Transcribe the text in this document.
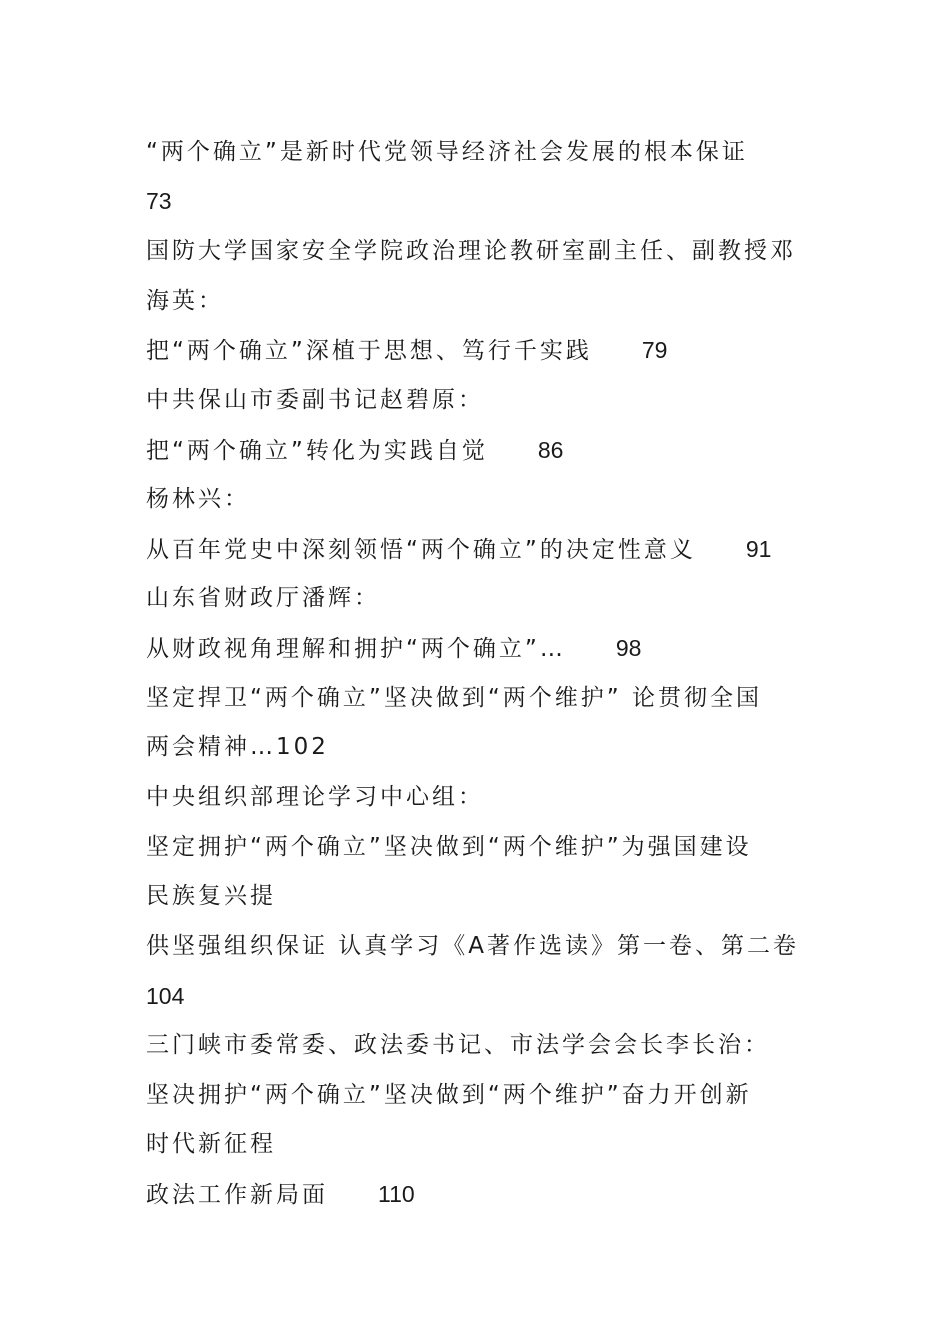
“两个确立”是新时代党领导经济社会发展的根本保证
73
国防大学国家安全学院政治理论教研室副主任、副教授邓
海英：
把“两个确立”深植于思想、笃行千实践 79
中共保山市委副书记赵碧原：
把“两个确立”转化为实践自觉 86
杨林兴：
从百年党史中深刻领悟“两个确立”的决定性意义 91
山东省财政厅潘辉：
从财政视角理解和拥护“两个确立”… 98
坚定捍卫“两个确立”坚决做到“两个维护” 论贯彻全国
两会精神…102
中央组织部理论学习中心组：
坚定拥护“两个确立”坚决做到“两个维护”为强国建设
民族复兴提
供坚强组织保证 认真学习《A著作选读》第一卷、第二卷
104
三门峡市委常委、政法委书记、市法学会会长李长治：
坚决拥护“两个确立”坚决做到“两个维护”奋力开创新
时代新征程
政法工作新局面 110
